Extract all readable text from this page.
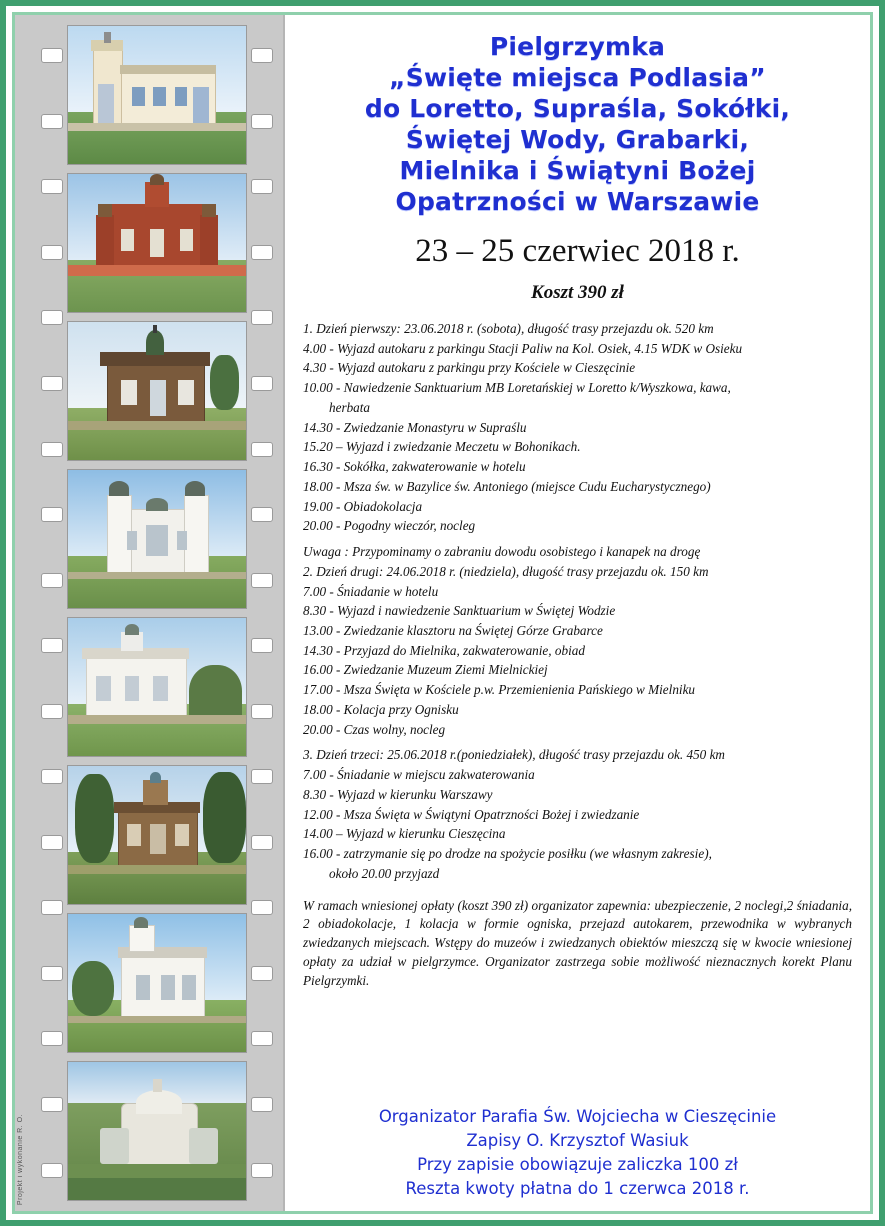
Projekt i wykonanie R. O.
Pielgrzymka
„Święte miejsca Podlasia”
do Loretto, Supraśla, Sokółki,
Świętej Wody, Grabarki,
Mielnika i Świątyni Bożej
Opatrzności w Warszawie
23 – 25 czerwiec 2018 r.
Koszt 390 zł

1. Dzień pierwszy: 23.06.2018 r. (sobota), długość trasy przejazdu ok. 520 km

4.00 - Wyjazd autokaru z parkingu Stacji Paliw na Kol. Osiek, 4.15 WDK w Osieku

4.30 - Wyjazd autokaru z parkingu przy Kościele w Cieszęcinie

10.00 - Nawiedzenie Sanktuarium MB Loretańskiej w Loretto k/Wyszkowa, kawa,

herbata

14.30 - Zwiedzanie Monastyru w Supraślu

15.20 – Wyjazd i zwiedzanie Meczetu w Bohonikach.

16.30 - Sokółka, zakwaterowanie w hotelu

18.00 - Msza św. w Bazylice św. Antoniego (miejsce Cudu Eucharystycznego)

19.00 - Obiadokolacja

20.00 - Pogodny wieczór, nocleg

Uwaga : Przypominamy o zabraniu dowodu osobistego i kanapek na drogę

2. Dzień drugi: 24.06.2018 r. (niedziela), długość trasy przejazdu ok. 150 km

7.00 - Śniadanie w hotelu

8.30 - Wyjazd i nawiedzenie Sanktuarium w Świętej Wodzie

13.00 - Zwiedzanie klasztoru na Świętej Górze Grabarce

14.30 - Przyjazd do Mielnika, zakwaterowanie, obiad

16.00 - Zwiedzanie Muzeum Ziemi Mielnickiej

17.00 - Msza Święta w Kościele p.w. Przemienienia Pańskiego w Mielniku

18.00 - Kolacja przy Ognisku

20.00 - Czas wolny, nocleg

3. Dzień trzeci: 25.06.2018 r.(poniedziałek), długość trasy przejazdu ok. 450 km

7.00 - Śniadanie w miejscu zakwaterowania

8.30 - Wyjazd w kierunku Warszawy

12.00 - Msza Święta w Świątyni Opatrzności Bożej i zwiedzanie

14.00 – Wyjazd w kierunku Cieszęcina

16.00 - zatrzymanie się po drodze na spożycie posiłku (we własnym zakresie),

około 20.00 przyjazd

W ramach wniesionej opłaty (koszt 390 zł) organizator zapewnia: ubezpieczenie, 2 noclegi,2 śniadania, 2 obiadokolacje, 1 kolacja w formie ogniska, przejazd autokarem, przewodnika w wybranych zwiedzanych miejscach. Wstępy do muzeów i zwiedzanych obiektów mieszczą się w kwocie wniesionej opłaty za udział w pielgrzymce. Organizator zastrzega sobie możliwość nieznacznych korekt Planu Pielgrzymki.
Organizator Parafia Św. Wojciecha w Cieszęcinie
Zapisy O. Krzysztof Wasiuk
Przy zapisie obowiązuje zaliczka 100 zł
Reszta kwoty płatna do 1 czerwca 2018 r.
